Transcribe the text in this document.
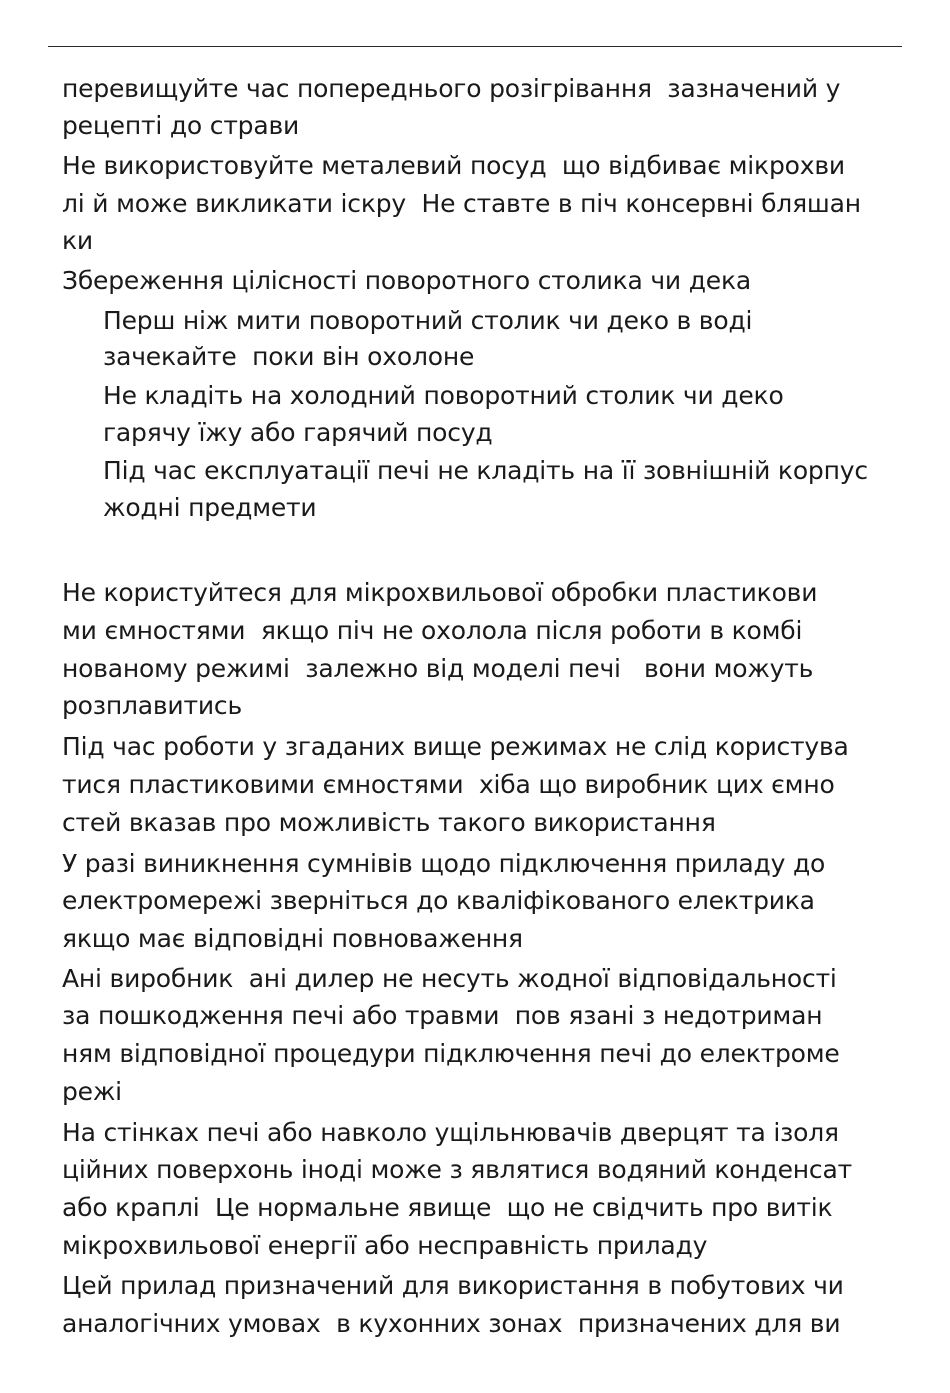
перевищуйте час попереднього розігрівання  зазначений у
рецепті до страви
Не використовуйте металевий посуд  що відбиває мікрохви
лі й може викликати іскру  Не ставте в піч консервні бляшан
ки
Збереження цілісності поворотного столика чи дека
Перш ніж мити поворотний столик чи деко в воді
зачекайте  поки він охолоне
Не кладіть на холодний поворотний столик чи деко
гарячу їжу або гарячий посуд
Під час експлуатації печі не кладіть на її зовнішній корпус
жодні предмети
Не користуйтеся для мікрохвильової обробки пластикови
ми ємностями  якщо піч не охолола після роботи в комбі
нованому режимі  залежно від моделі печі   вони можуть
розплавитись
Під час роботи у згаданих вище режимах не слід користува
тися пластиковими ємностями  хіба що виробник цих ємно
стей вказав про можливість такого використання
У разі виникнення сумнівів щодо підключення приладу до
електромережі зверніться до кваліфікованого електрика
якщо має відповідні повноваження
Ані виробник  ані дилер не несуть жодної відповідальності
за пошкодження печі або травми  пов язані з недотриман
ням відповідної процедури підключення печі до електроме
режі
На стінках печі або навколо ущільнювачів дверцят та ізоля
ційних поверхонь іноді може з являтися водяний конденсат
або краплі  Це нормальне явище  що не свідчить про витік
мікрохвильової енергії або несправність приладу
Цей прилад призначений для використання в побутових чи
аналогічних умовах  в кухонних зонах  призначених для ви
